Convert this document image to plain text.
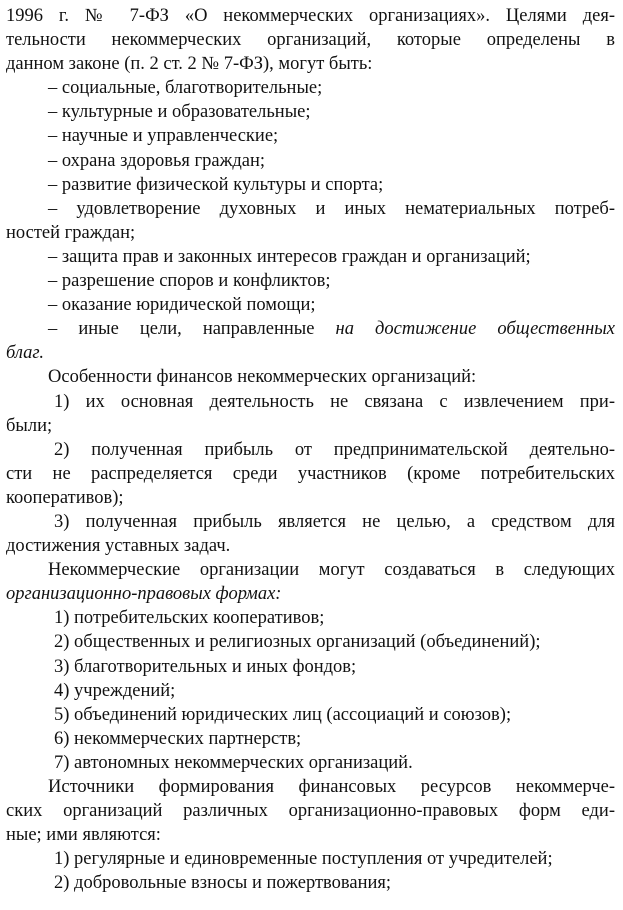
1996 г. № 7-ФЗ «О некоммерческих организациях». Целями дея-
тельности некоммерческих организаций, которые определены в
данном законе (п. 2 ст. 2 № 7-ФЗ), могут быть:
– социальные, благотворительные;
– культурные и образовательные;
– научные и управленческие;
– охрана здоровья граждан;
– развитие физической культуры и спорта;
– удовлетворение духовных и иных нематериальных потреб-
ностей граждан;
– защита прав и законных интересов граждан и организаций;
– разрешение споров и конфликтов;
– оказание юридической помощи;
– иные цели, направленные на достижение общественных
благ.
Особенности финансов некоммерческих организаций:
1) их основная деятельность не связана с извлечением при-
были;
2) полученная прибыль от предпринимательской деятельно-
сти не распределяется среди участников (кроме потребительских
кооперативов);
3) полученная прибыль является не целью, а средством для
достижения уставных задач.
Некоммерческие организации могут создаваться в следующих
организационно-правовых формах:
1) потребительских кооперативов;
2) общественных и религиозных организаций (объединений);
3) благотворительных и иных фондов;
4) учреждений;
5) объединений юридических лиц (ассоциаций и союзов);
6) некоммерческих партнерств;
7) автономных некоммерческих организаций.
Источники формирования финансовых ресурсов некоммерче-
ских организаций различных организационно-правовых форм еди-
ные; ими являются:
1) регулярные и единовременные поступления от учредителей;
2) добровольные взносы и пожертвования;
